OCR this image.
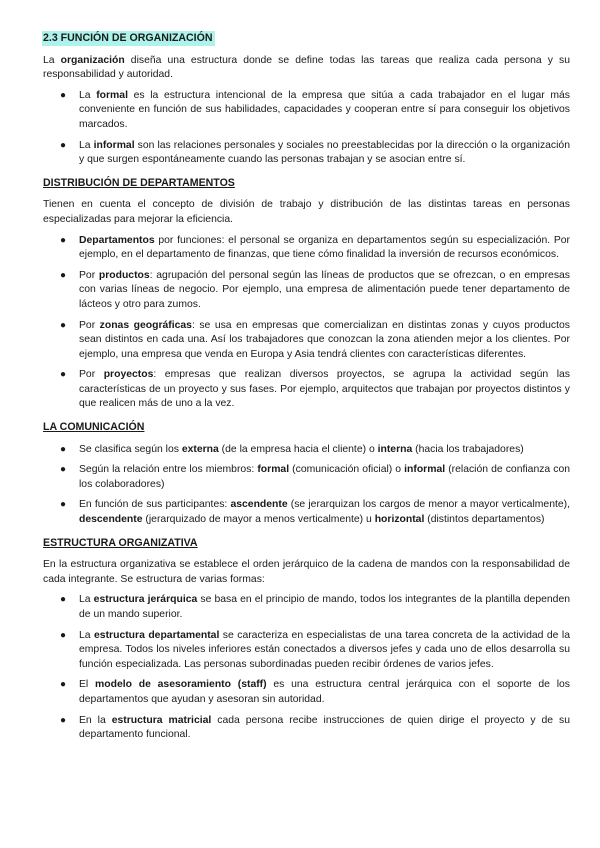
2.3 FUNCIÓN DE ORGANIZACIÓN

La organización diseña una estructura donde se define todas las tareas que realiza cada persona y su responsabilidad y autoridad.

● La formal es la estructura intencional de la empresa que sitúa a cada trabajador en el lugar más conveniente en función de sus habilidades, capacidades y cooperan entre sí para conseguir los objetivos marcados.
● La informal son las relaciones personales y sociales no preestablecidas por la dirección o la organización y que surgen espontáneamente cuando las personas trabajan y se asocian entre sí.
DISTRIBUCIÓN DE DEPARTAMENTOS

Tienen en cuenta el concepto de división de trabajo y distribución de las distintas tareas en personas especializadas para mejorar la eficiencia.

● Departamentos por funciones: el personal se organiza en departamentos según su especialización. Por ejemplo, en el departamento de finanzas, que tiene cómo finalidad la inversión de recursos económicos.
● Por productos: agrupación del personal según las líneas de productos que se ofrezcan, o en empresas con varias líneas de negocio. Por ejemplo, una empresa de alimentación puede tener departamento de lácteos y otro para zumos.
● Por zonas geográficas: se usa en empresas que comercializan en distintas zonas y cuyos productos sean distintos en cada una. Así los trabajadores que conozcan la zona atienden mejor a los clientes. Por ejemplo, una empresa que venda en Europa y Asia tendrá clientes con características diferentes.
● Por proyectos: empresas que realizan diversos proyectos, se agrupa la actividad según las características de un proyecto y sus fases. Por ejemplo, arquitectos que trabajan por proyectos distintos y que realicen más de uno a la vez.
LA COMUNICACIÓN
● Se clasifica según los externa (de la empresa hacia el cliente) o interna (hacia los trabajadores)
● Según la relación entre los miembros: formal (comunicación oficial) o informal (relación de confianza con los colaboradores)
● En función de sus participantes: ascendente (se jerarquizan los cargos de menor a mayor verticalmente), descendente (jerarquizado de mayor a menos verticalmente) u horizontal (distintos departamentos)
ESTRUCTURA ORGANIZATIVA

En la estructura organizativa se establece el orden jerárquico de la cadena de mandos con la responsabilidad de cada integrante. Se estructura de varias formas:

● La estructura jerárquica se basa en el principio de mando, todos los integrantes de la plantilla dependen de un mando superior.
● La estructura departamental se caracteriza en especialistas de una tarea concreta de la actividad de la empresa. Todos los niveles inferiores están conectados a diversos jefes y cada uno de ellos desarrolla su función especializada. Las personas subordinadas pueden recibir órdenes de varios jefes.
● El modelo de asesoramiento (staff) es una estructura central jerárquica con el soporte de los departamentos que ayudan y asesoran sin autoridad.
● En la estructura matricial cada persona recibe instrucciones de quien dirige el proyecto y de su departamento funcional.
